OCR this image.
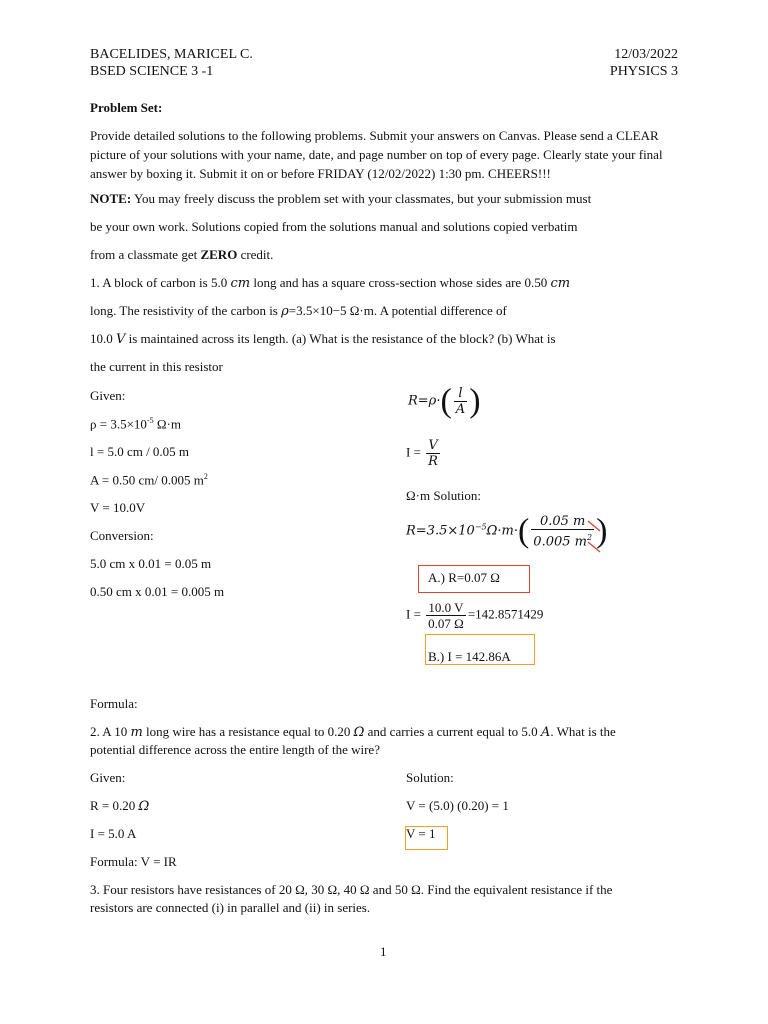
BACELIDES, MARICEL C.
BSED SCIENCE 3 -1
12/03/2022
PHYSICS 3
Problem Set:
Provide detailed solutions to the following problems. Submit your answers on Canvas. Please send a CLEAR picture of your solutions with your name, date, and page number on top of every page. Clearly state your final answer by boxing it. Submit it on or before FRIDAY (12/02/2022) 1:30 pm. CHEERS!!!
NOTE: You may freely discuss the problem set with your classmates, but your submission must
be your own work. Solutions copied from the solutions manual and solutions copied verbatim
from a classmate get ZERO credit.
1. A block of carbon is 5.0 cm long and has a square cross-section whose sides are 0.50 cm
long. The resistivity of the carbon is ρ=3.5×10−5 Ω·m. A potential difference of
10.0 V is maintained across its length. (a) What is the resistance of the block? (b) What is
the current in this resistor
Given:
$\rho = 3.5\times 10^{-5}$ Ω·m
l = 5.0 cm / 0.05 m
A = 0.50 cm/ 0.005 $m^2$
V = 10.0V
Conversion:
5.0 cm x 0.01 = 0.05 m
0.50 cm x 0.01 = 0.005 m
$R=\rho\cdot( \frac{l}{A}$ )
$I = \frac{V}{R}$
Ω·m Solution:
$R=3.5\times 10^{-5}\Omega\cdot m\cdot( \frac{0.05 m}{0.005 m^2}$ )
A.) R=0.07 Ω
$I = \frac{10.0 V}{0.07 \Omega} =142.8571429$
B.) I = 142.86A
Formula:
2. A 10 m long wire has a resistance equal to 0.20 Ω and carries a current equal to 5.0 A. What is the
potential difference across the entire length of the wire?
Given:
R = 0.20 Ω
I = 5.0 A
Formula: V = IR
Solution:
V = (5.0) (0.20) = 1
V = 1
3. Four resistors have resistances of 20 Ω, 30 Ω, 40 Ω and 50 Ω. Find the equivalent resistance if the
resistors are connected (i) in parallel and (ii) in series.
1
